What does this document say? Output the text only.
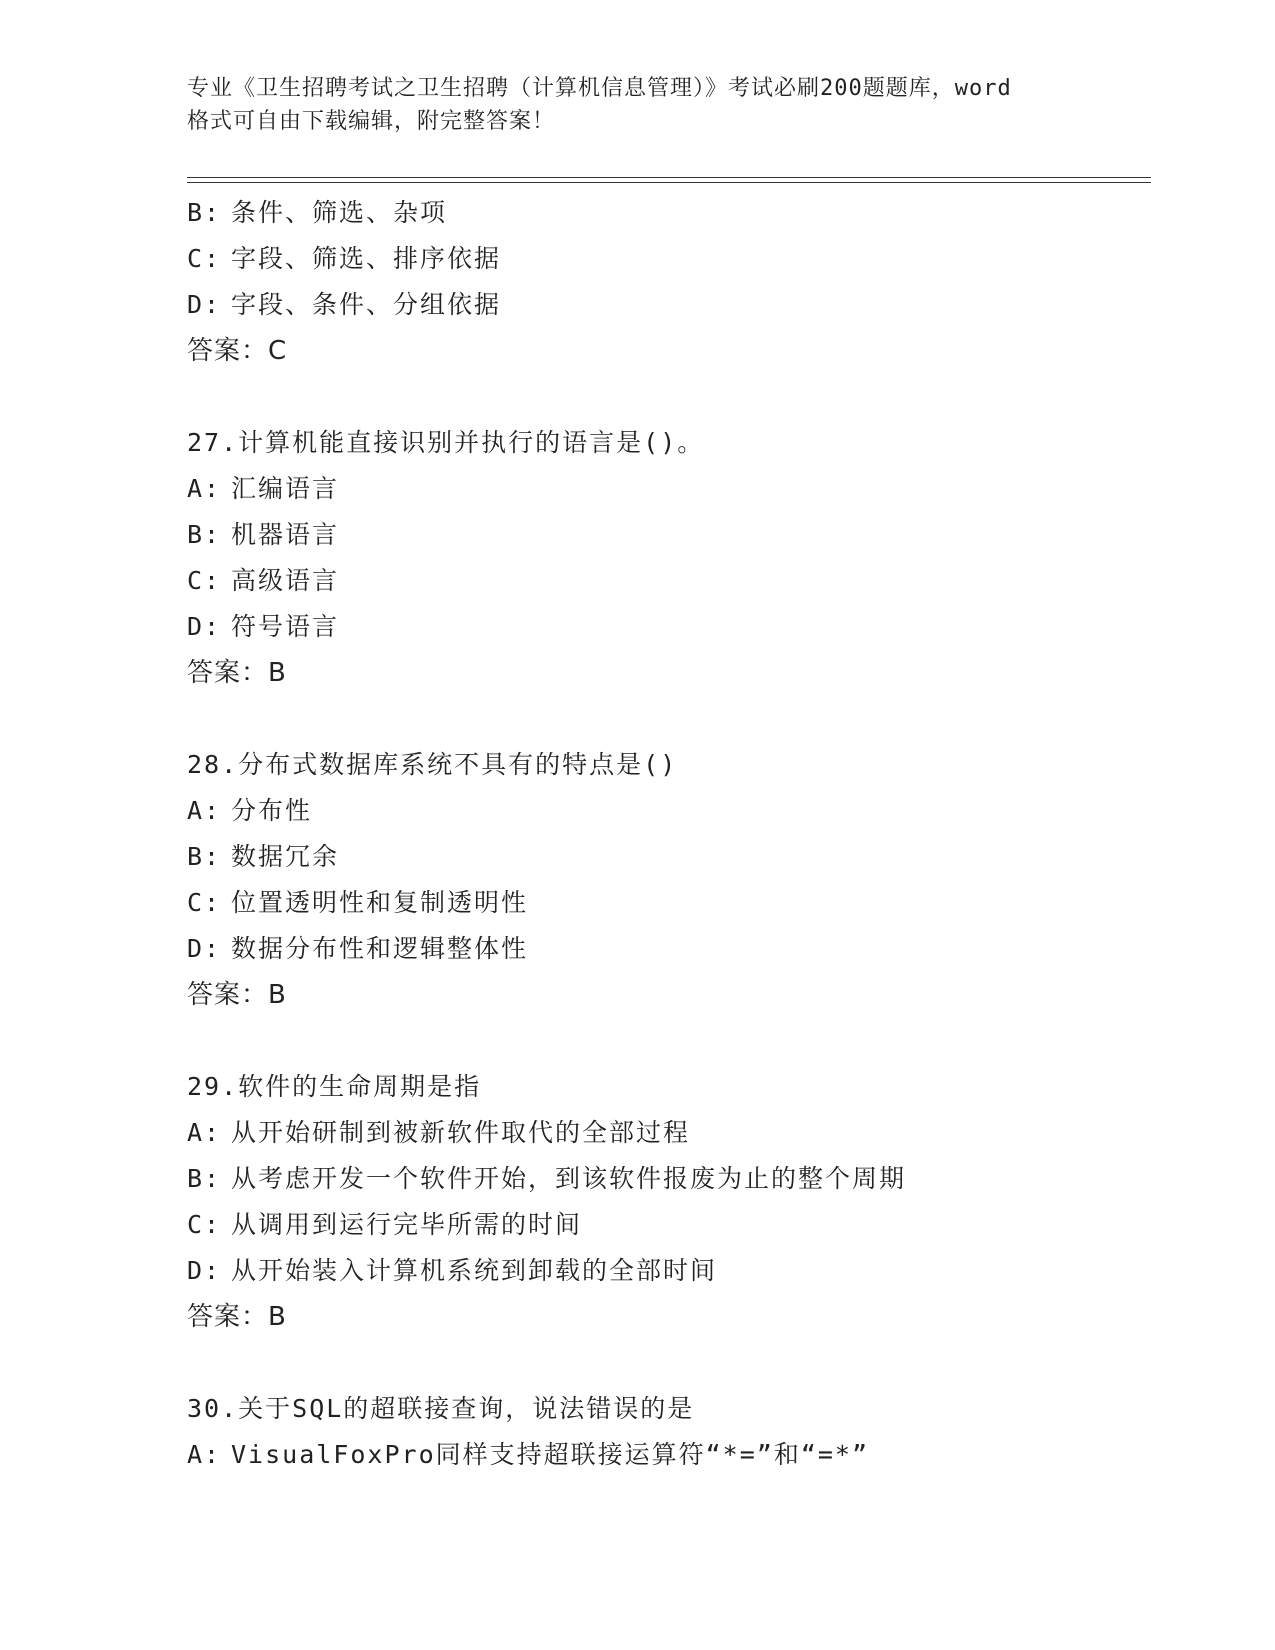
专业《卫生招聘考试之卫生招聘（计算机信息管理）》考试必刷200题题库，word
格式可自由下载编辑，附完整答案！
B: 条件、筛选、杂项
C: 字段、筛选、排序依据
D: 字段、条件、分组依据
答案：C
27.计算机能直接识别并执行的语言是()。
A: 汇编语言
B: 机器语言
C: 高级语言
D: 符号语言
答案：B
28.分布式数据库系统不具有的特点是()
A: 分布性
B: 数据冗余
C: 位置透明性和复制透明性
D: 数据分布性和逻辑整体性
答案：B
29.软件的生命周期是指
A: 从开始研制到被新软件取代的全部过程
B: 从考虑开发一个软件开始，到该软件报废为止的整个周期
C: 从调用到运行完毕所需的时间
D: 从开始装入计算机系统到卸载的全部时间
答案：B
30.关于SQL的超联接查询，说法错误的是
A: VisualFoxPro同样支持超联接运算符“*=”和“=*”
